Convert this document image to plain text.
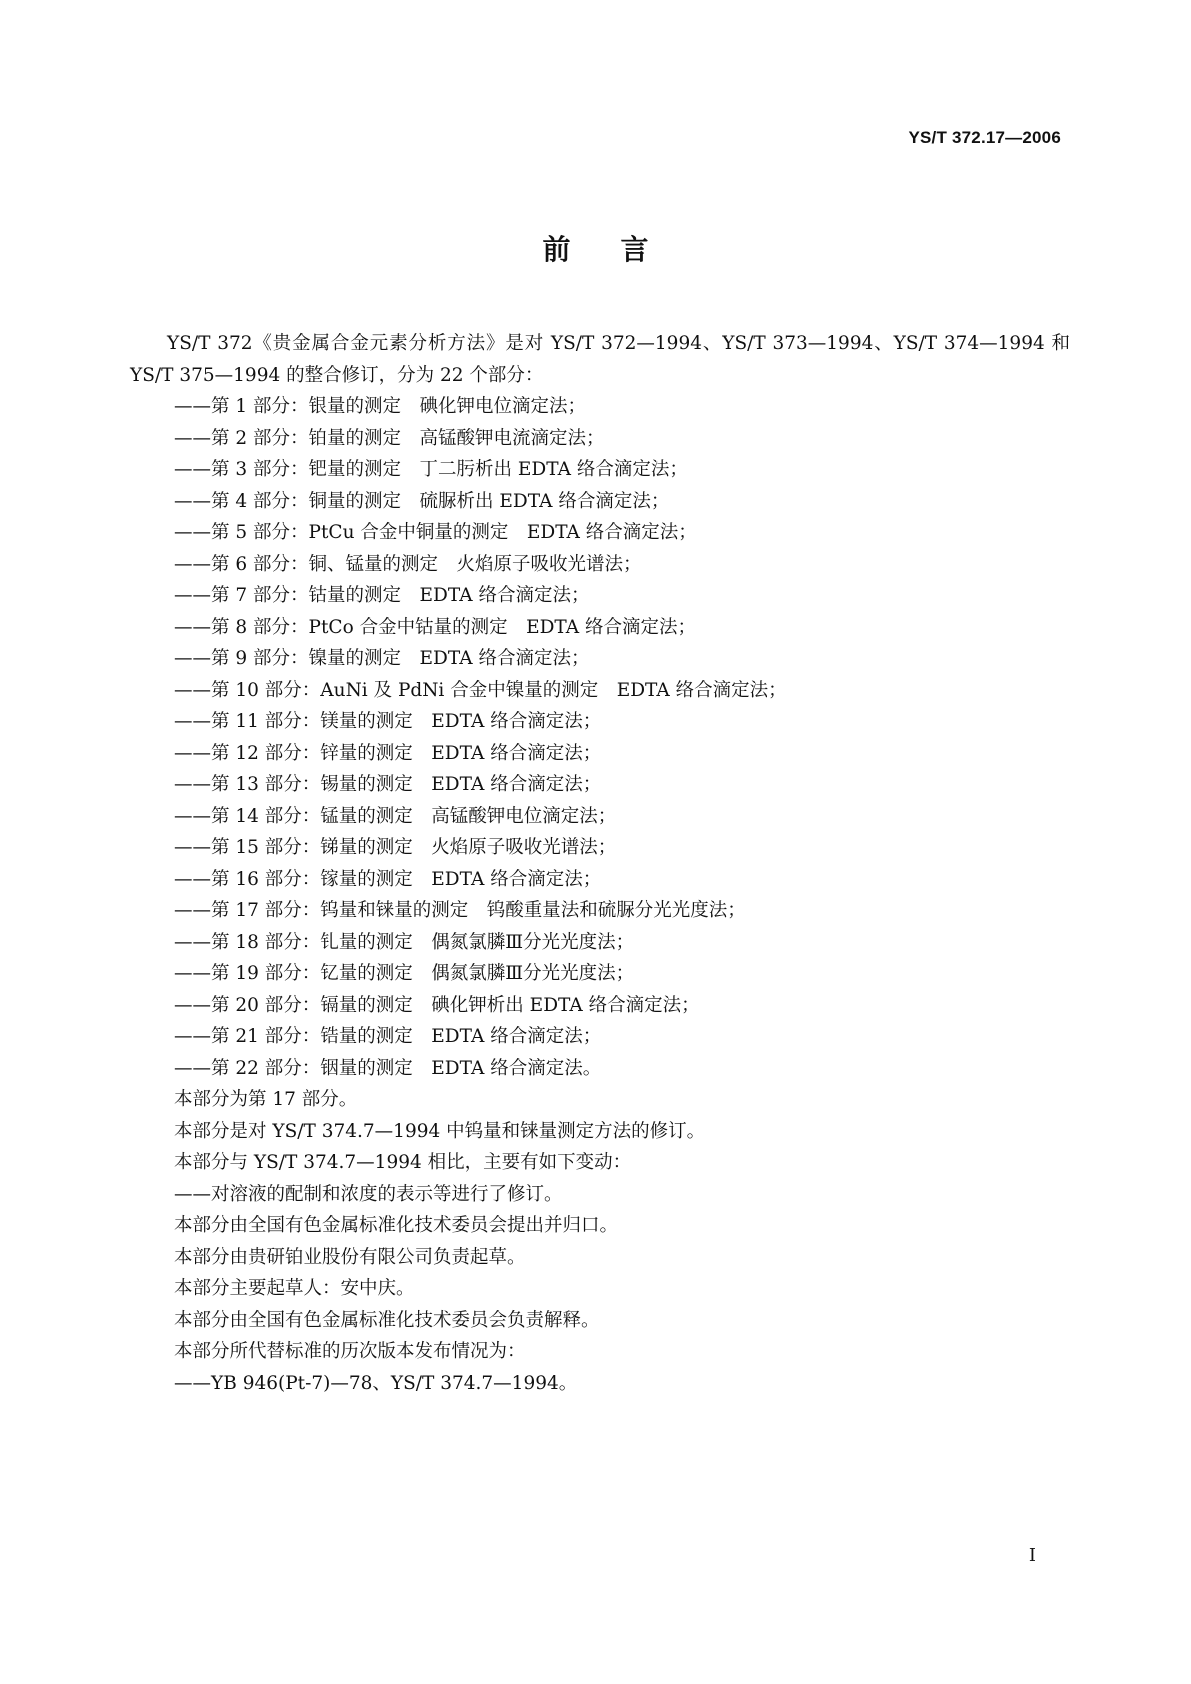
YS/T 372.17—2006
前言

YS/T 372《贵金属合金元素分析方法》是对 YS/T 372—1994、YS/T 373—1994、YS/T 374—1994 和 YS/T 375—1994 的整合修订，分为 22 个部分：

——第 1 部分：银量的测定　碘化钾电位滴定法；
——第 2 部分：铂量的测定　高锰酸钾电流滴定法；
——第 3 部分：钯量的测定　丁二肟析出 EDTA 络合滴定法；
——第 4 部分：铜量的测定　硫脲析出 EDTA 络合滴定法；
——第 5 部分：PtCu 合金中铜量的测定　EDTA 络合滴定法；
——第 6 部分：铜、锰量的测定　火焰原子吸收光谱法；
——第 7 部分：钴量的测定　EDTA 络合滴定法；
——第 8 部分：PtCo 合金中钴量的测定　EDTA 络合滴定法；
——第 9 部分：镍量的测定　EDTA 络合滴定法；
——第 10 部分：AuNi 及 PdNi 合金中镍量的测定　EDTA 络合滴定法；
——第 11 部分：镁量的测定　EDTA 络合滴定法；
——第 12 部分：锌量的测定　EDTA 络合滴定法；
——第 13 部分：锡量的测定　EDTA 络合滴定法；
——第 14 部分：锰量的测定　高锰酸钾电位滴定法；
——第 15 部分：锑量的测定　火焰原子吸收光谱法；
——第 16 部分：镓量的测定　EDTA 络合滴定法；
——第 17 部分：钨量和铼量的测定　钨酸重量法和硫脲分光光度法；
——第 18 部分：钆量的测定　偶氮氯膦Ⅲ分光光度法；
——第 19 部分：钇量的测定　偶氮氯膦Ⅲ分光光度法；
——第 20 部分：镉量的测定　碘化钾析出 EDTA 络合滴定法；
——第 21 部分：锆量的测定　EDTA 络合滴定法；
——第 22 部分：铟量的测定　EDTA 络合滴定法。

本部分为第 17 部分。

本部分是对 YS/T 374.7—1994 中钨量和铼量测定方法的修订。

本部分与 YS/T 374.7—1994 相比，主要有如下变动：

——对溶液的配制和浓度的表示等进行了修订。

本部分由全国有色金属标准化技术委员会提出并归口。

本部分由贵研铂业股份有限公司负责起草。

本部分主要起草人：安中庆。

本部分由全国有色金属标准化技术委员会负责解释。

本部分所代替标准的历次版本发布情况为：

——YB 946(Pt-7)—78、YS/T 374.7—1994。

I
